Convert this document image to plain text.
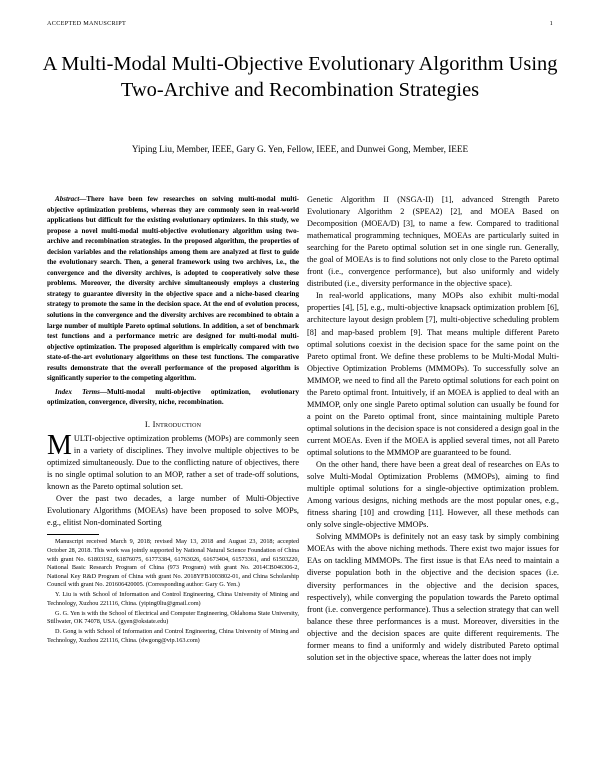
ACCEPTED MANUSCRIPT	1
A Multi-Modal Multi-Objective Evolutionary Algorithm Using Two-Archive and Recombination Strategies
Yiping Liu, Member, IEEE, Gary G. Yen, Fellow, IEEE, and Dunwei Gong, Member, IEEE

Abstract—There have been few researches on solving multi-modal multi-objective optimization problems, whereas they are commonly seen in real-world applications but difficult for the existing evolutionary optimizers. In this study, we propose a novel multi-modal multi-objective evolutionary algorithm using two-archive and recombination strategies. In the proposed algorithm, the properties of decision variables and the relationships among them are analyzed at first to guide the evolutionary search. Then, a general framework using two archives, i.e., the convergence and the diversity archives, is adopted to cooperatively solve these problems. Moreover, the diversity archive simultaneously employs a clustering strategy to guarantee diversity in the objective space and a niche-based clearing strategy to promote the same in the decision space. At the end of evolution process, solutions in the convergence and the diversity archives are recombined to obtain a large number of multiple Pareto optimal solutions. In addition, a set of benchmark test functions and a performance metric are designed for multi-modal multi-objective optimization. The proposed algorithm is empirically compared with two state-of-the-art evolutionary algorithms on these test functions. The comparative results demonstrate that the overall performance of the proposed algorithm is significantly superior to the competing algorithm.

Index Terms—Multi-modal multi-objective optimization, evolutionary optimization, convergence, diversity, niche, recombination.

I. Introduction

MULTI-objective optimization problems (MOPs) are commonly seen in a variety of disciplines. They involve multiple objectives to be optimized simultaneously. Due to the conflicting nature of objectives, there is no single optimal solution to an MOP, rather a set of trade-off solutions, known as the Pareto optimal solution set.

Over the past two decades, a large number of Multi-Objective Evolutionary Algorithms (MOEAs) have been proposed to solve MOPs, e.g., elitist Non-dominated Sorting

Manuscript received March 9, 2018; revised May 13, 2018 and August 23, 2018; accepted October 28, 2018. This work was jointly supported by National Natural Science Foundation of China with grant No. 61803192, 61876075, 61773384, 61763026, 61673404, 61573361, and 61503220, National Basic Research Program of China (973 Program) with grant No. 2014CB046306-2, National Key R&D Program of China with grant No. 2018YFB1003802-01, and China Scholarship Council with grant No. 201606420005. (Corresponding author: Gary G. Yen.)

Y. Liu is with School of Information and Control Engineering, China University of Mining and Technology, Xuzhou 221116, China. (yiping0liu@gmail.com)

G. G. Yen is with the School of Electrical and Computer Engineering, Oklahoma State University, Stillwater, OK 74078, USA. (gyen@okstate.edu)

D. Gong is with School of Information and Control Engineering, China University of Mining and Technology, Xuzhou 221116, China. (dwgong@vip.163.com)

Genetic Algorithm II (NSGA-II) [1], advanced Strength Pareto Evolutionary Algorithm 2 (SPEA2) [2], and MOEA Based on Decomposition (MOEA/D) [3], to name a few. Compared to traditional mathematical programming techniques, MOEAs are particularly suited in searching for the Pareto optimal solution set in one single run. Generally, the goal of MOEAs is to find solutions not only close to the Pareto optimal front (i.e., convergence performance), but also uniformly and widely distributed (i.e., diversity performance in the objective space).

In real-world applications, many MOPs also exhibit multi-modal properties [4], [5], e.g., multi-objective knapsack optimization problem [6], architecture layout design problem [7], multi-objective scheduling problem [8] and map-based problem [9]. That means multiple different Pareto optimal solutions coexist in the decision space for the same point on the Pareto optimal front. We define these problems to be Multi-Modal Multi-Objective Optimization Problems (MMMOPs). To successfully solve an MMMOP, we need to find all the Pareto optimal solutions for each point on the Pareto optimal front. Intuitively, if an MOEA is applied to deal with an MMMOP, only one single Pareto optimal solution can usually be found for a point on the Pareto optimal front, since maintaining multiple Pareto optimal solutions in the decision space is not considered a design goal in the current MOEAs. Even if the MOEA is applied several times, not all Pareto optimal solutions to the MMMOP are guaranteed to be found.

On the other hand, there have been a great deal of researches on EAs to solve Multi-Modal Optimization Problems (MMOPs), aiming to find multiple optimal solutions for a single-objective optimization problem. Among various designs, niching methods are the most popular ones, e.g., fitness sharing [10] and crowding [11]. However, all these methods can only solve single-objective MMOPs.

Solving MMMOPs is definitely not an easy task by simply combining MOEAs with the above niching methods. There exist two major issues for EAs on tackling MMMOPs. The first issue is that EAs need to maintain a diverse population both in the objective and the decision spaces (i.e. diversity performances in the objective and the decision spaces, respectively), while converging the population towards the Pareto optimal front (i.e. convergence performance). Thus a selection strategy that can well balance these three performances is a must. Moreover, diversities in the objective and the decision spaces are quite different requirements. The former means to find a uniformly and widely distributed Pareto optimal solution set in the objective space, whereas the latter does not imply
